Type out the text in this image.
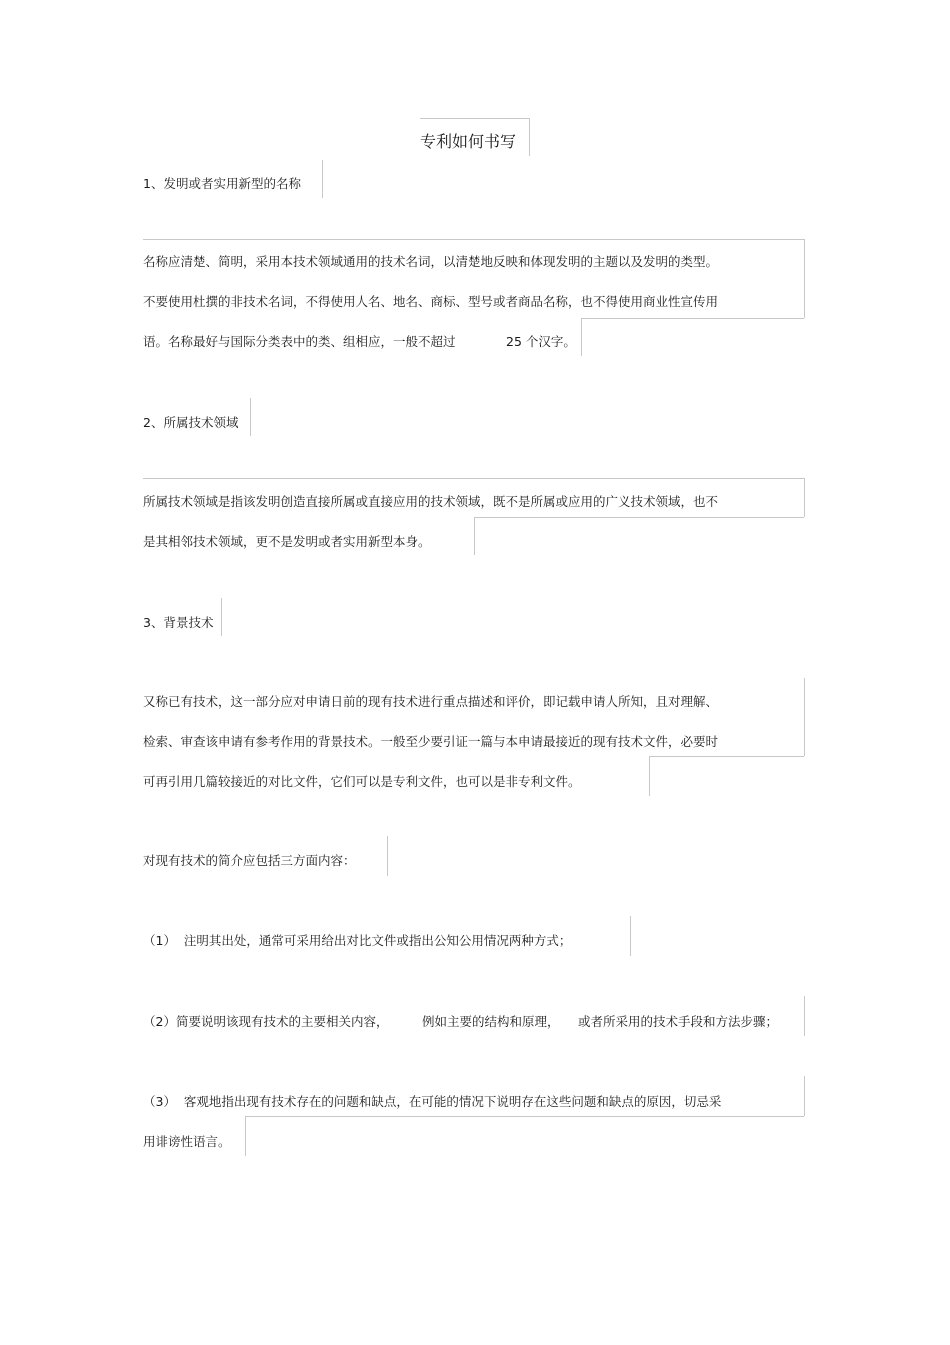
专利如何书写
1、发明或者实用新型的名称
名称应清楚、简明，采用本技术领域通用的技术名词，以清楚地反映和体现发明的主题以及发明的类型。
不要使用杜撰的非技术名词，不得使用人名、地名、商标、型号或者商品名称，也不得使用商业性宣传用
语。名称最好与国际分类表中的类、组相应，一般不超过	25 个汉字。
2、所属技术领域
所属技术领域是指该发明创造直接所属或直接应用的技术领域，既不是所属或应用的广义技术领域，也不
是其相邻技术领域，更不是发明或者实用新型本身。
3、背景技术
又称已有技术，这一部分应对申请日前的现有技术进行重点描述和评价，即记载申请人所知，且对理解、
检索、审查该申请有参考作用的背景技术。一般至少要引证一篇与本申请最接近的现有技术文件，必要时
可再引用几篇较接近的对比文件，它们可以是专利文件，也可以是非专利文件。
对现有技术的简介应包括三方面内容：
（1）  注明其出处，通常可采用给出对比文件或指出公知公用情况两种方式；
（2）简要说明该现有技术的主要相关内容，	例如主要的结构和原理， 或者所采用的技术手段和方法步骤；
（3）  客观地指出现有技术存在的问题和缺点，在可能的情况下说明存在这些问题和缺点的原因，切忌采
用诽谤性语言。
